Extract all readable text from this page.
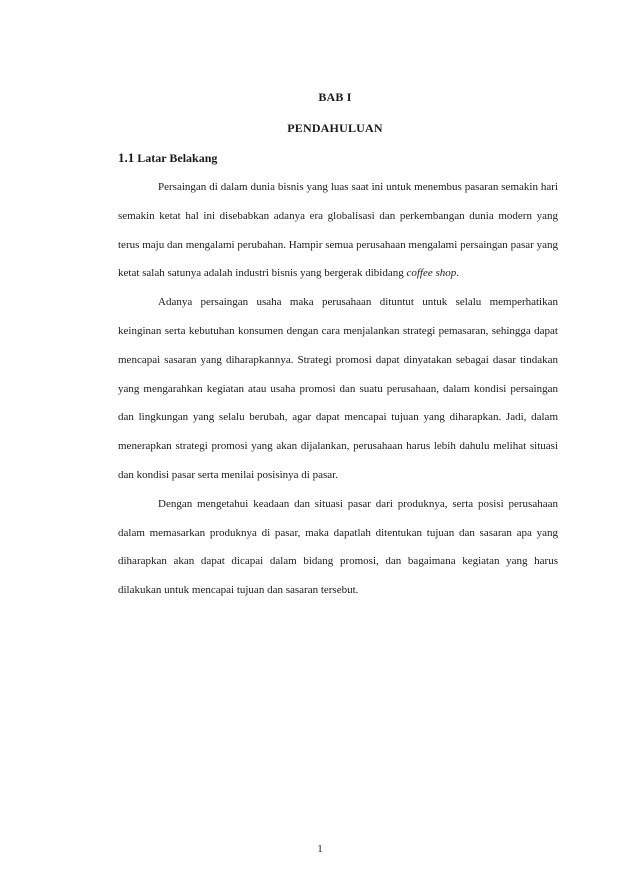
BAB I
PENDAHULUAN
1.1 Latar Belakang

Persaingan di dalam dunia bisnis yang luas saat ini untuk menembus pasaran semakin hari semakin ketat hal ini disebabkan adanya era globalisasi dan perkembangan dunia modern yang terus maju dan mengalami perubahan. Hampir semua perusahaan mengalami persaingan pasar yang ketat salah satunya adalah industri bisnis yang bergerak dibidang coffee shop.

Adanya persaingan usaha maka perusahaan dituntut untuk selalu memperhatikan keinginan serta kebutuhan konsumen dengan cara menjalankan strategi pemasaran, sehingga dapat mencapai sasaran yang diharapkannya. Strategi promosi dapat dinyatakan sebagai dasar tindakan yang mengarahkan kegiatan atau usaha promosi dan suatu perusahaan, dalam kondisi persaingan dan lingkungan yang selalu berubah, agar dapat mencapai tujuan yang diharapkan. Jadi, dalam menerapkan strategi promosi yang akan dijalankan, perusahaan harus lebih dahulu melihat situasi dan kondisi pasar serta menilai posisinya di pasar.

Dengan mengetahui keadaan dan situasi pasar dari produknya, serta posisi perusahaan dalam memasarkan produknya di pasar, maka dapatlah ditentukan tujuan dan sasaran apa yang diharapkan akan dapat dicapai dalam bidang promosi, dan bagaimana kegiatan yang harus dilakukan untuk mencapai tujuan dan sasaran tersebut.

1
